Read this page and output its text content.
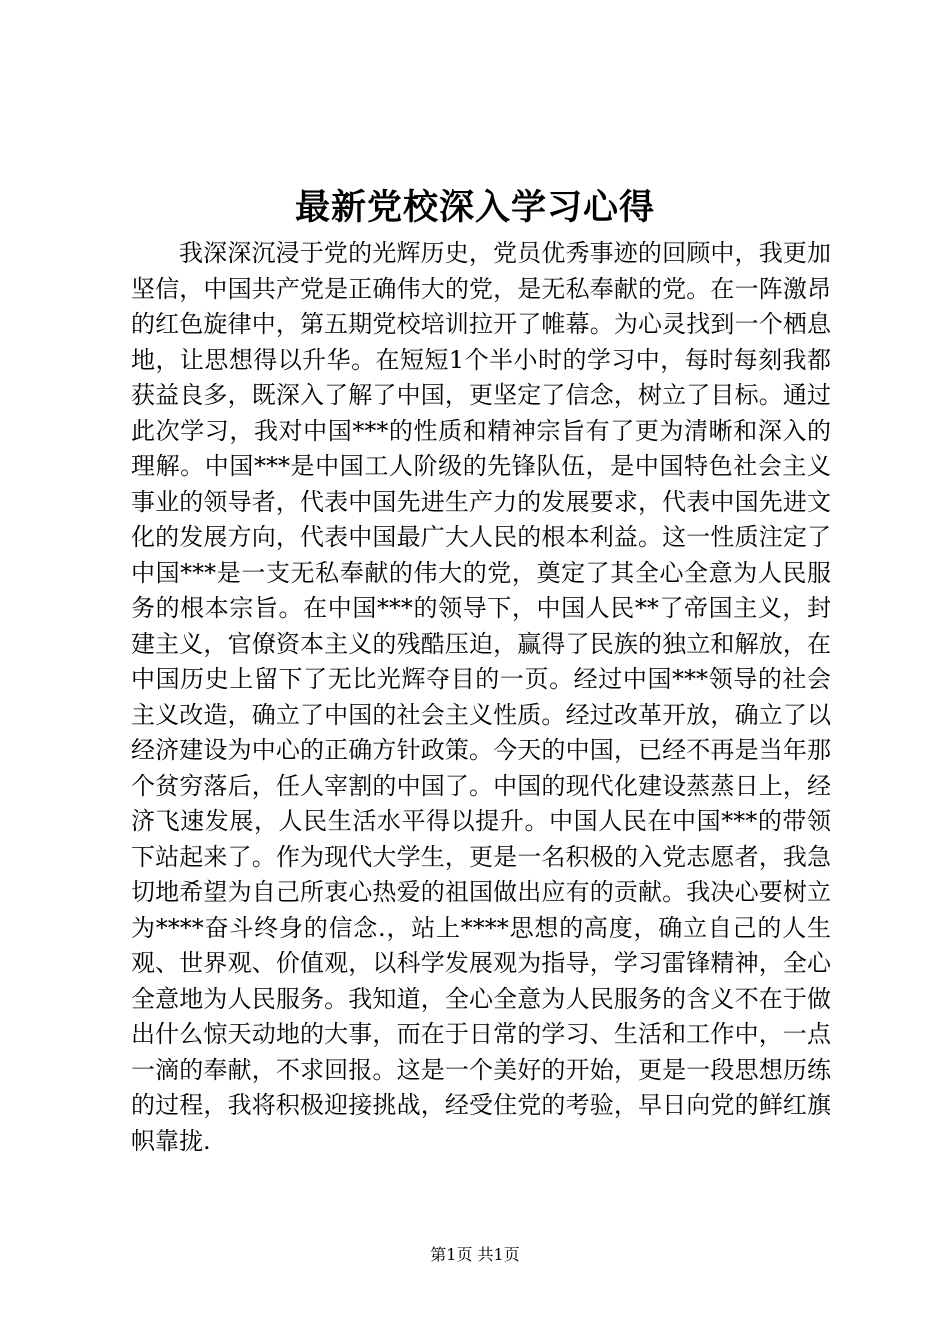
最新党校深入学习心得

我深深沉浸于党的光辉历史，党员优秀事迹的回顾中，我更加坚信，中国共产党是正确伟大的党，是无私奉献的党。在一阵激昂的红色旋律中，第五期党校培训拉开了帷幕。为心灵找到一个栖息地，让思想得以升华。在短短1个半小时的学习中，每时每刻我都获益良多，既深入了解了中国，更坚定了信念，树立了目标。通过此次学习，我对中国***的性质和精神宗旨有了更为清晰和深入的理解。中国***是中国工人阶级的先锋队伍，是中国特色社会主义事业的领导者，代表中国先进生产力的发展要求，代表中国先进文化的发展方向，代表中国最广大人民的根本利益。这一性质注定了中国***是一支无私奉献的伟大的党，奠定了其全心全意为人民服务的根本宗旨。在中国***的领导下，中国人民**了帝国主义，封建主义，官僚资本主义的残酷压迫，赢得了民族的独立和解放，在中国历史上留下了无比光辉夺目的一页。经过中国***领导的社会主义改造，确立了中国的社会主义性质。经过改革开放，确立了以经济建设为中心的正确方针政策。今天的中国，已经不再是当年那个贫穷落后，任人宰割的中国了。中国的现代化建设蒸蒸日上，经济飞速发展，人民生活水平得以提升。中国人民在中国***的带领下站起来了。作为现代大学生，更是一名积极的入党志愿者，我急切地希望为自己所衷心热爱的祖国做出应有的贡献。我决心要树立为****奋斗终身的信念.，站上****思想的高度，确立自己的人生观、世界观、价值观，以科学发展观为指导，学习雷锋精神，全心全意地为人民服务。我知道，全心全意为人民服务的含义不在于做出什么惊天动地的大事，而在于日常的学习、生活和工作中，一点一滴的奉献，不求回报。这是一个美好的开始，更是一段思想历练的过程，我将积极迎接挑战，经受住党的考验，早日向党的鲜红旗帜靠拢.

第1页 共1页
